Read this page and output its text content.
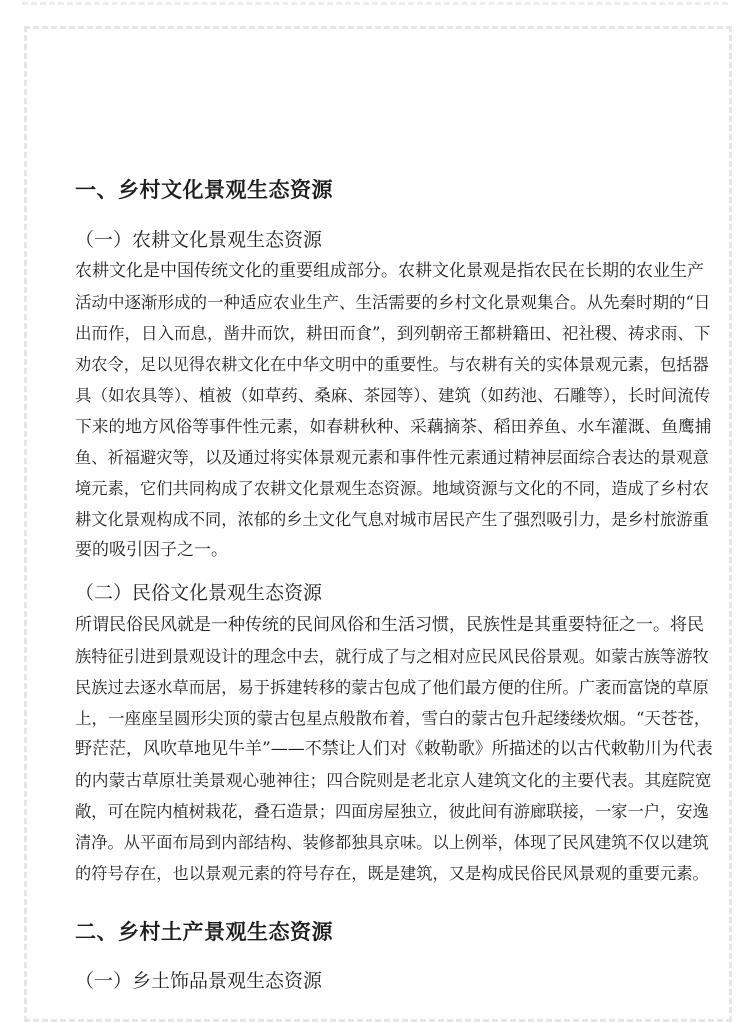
一、乡村文化景观生态资源
（一）农耕文化景观生态资源
农耕文化是中国传统文化的重要组成部分。农耕文化景观是指农民在长期的农业生产
活动中逐渐形成的一种适应农业生产、生活需要的乡村文化景观集合。从先秦时期的“日
出而作，日入而息，凿井而饮，耕田而食”，到列朝帝王都耕籍田、祀社稷、祷求雨、下
劝农令，足以见得农耕文化在中华文明中的重要性。与农耕有关的实体景观元素，包括器
具（如农具等）、植被（如草药、桑麻、茶园等）、建筑（如药池、石雕等），长时间流传
下来的地方风俗等事件性元素，如春耕秋种、采藕摘茶、稻田养鱼、水车灌溉、鱼鹰捕
鱼、祈福避灾等，以及通过将实体景观元素和事件性元素通过精神层面综合表达的景观意
境元素，它们共同构成了农耕文化景观生态资源。地域资源与文化的不同，造成了乡村农
耕文化景观构成不同，浓郁的乡土文化气息对城市居民产生了强烈吸引力，是乡村旅游重
要的吸引因子之一。
（二）民俗文化景观生态资源
所谓民俗民风就是一种传统的民间风俗和生活习惯，民族性是其重要特征之一。将民
族特征引进到景观设计的理念中去，就行成了与之相对应民风民俗景观。如蒙古族等游牧
民族过去逐水草而居，易于拆建转移的蒙古包成了他们最方便的住所。广袤而富饶的草原
上，一座座呈圆形尖顶的蒙古包星点般散布着，雪白的蒙古包升起缕缕炊烟。“天苍苍，
野茫茫，风吹草地见牛羊”——不禁让人们对《敕勒歌》所描述的以古代敕勒川为代表
的内蒙古草原壮美景观心驰神往；四合院则是老北京人建筑文化的主要代表。其庭院宽
敞，可在院内植树栽花，叠石造景；四面房屋独立，彼此间有游廊联接，一家一户，安逸
清净。从平面布局到内部结构、装修都独具京味。以上例举，体现了民风建筑不仅以建筑
的符号存在，也以景观元素的符号存在，既是建筑，又是构成民俗民风景观的重要元素。
二、乡村土产景观生态资源
（一）乡土饰品景观生态资源
